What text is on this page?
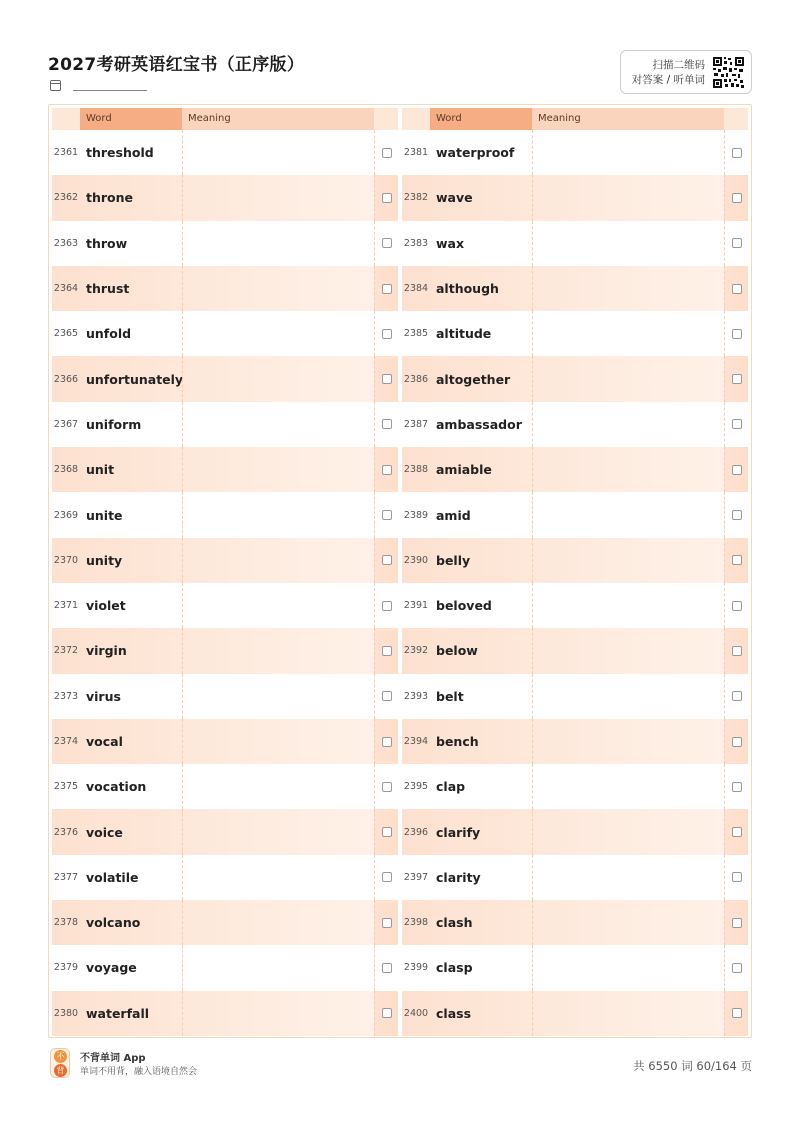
2027考研英语红宝书（正序版）	扫描二维码
对答案 / 听单词
Word	Meaning
2361 threshold
2362 throne
2363 throw
2364 thrust
2365 unfold
2366 unfortunately
2367 uniform
2368 unit
2369 unite
2370 unity
2371 violet
2372 virgin
2373 virus
2374 vocal
2375 vocation
2376 voice
2377 volatile
2378 volcano
2379 voyage
2380 waterfall
Word	Meaning
2381 waterproof
2382 wave
2383 wax
2384 although
2385 altitude
2386 altogether
2387 ambassador
2388 amiable
2389 amid
2390 belly
2391 beloved
2392 below
2393 belt
2394 bench
2395 clap
2396 clarify
2397 clarity
2398 clash
2399 clasp
2400 class
不
背
不背单词 App
单词不用背，融入语境自然会	共 6550 词 60/164 页
